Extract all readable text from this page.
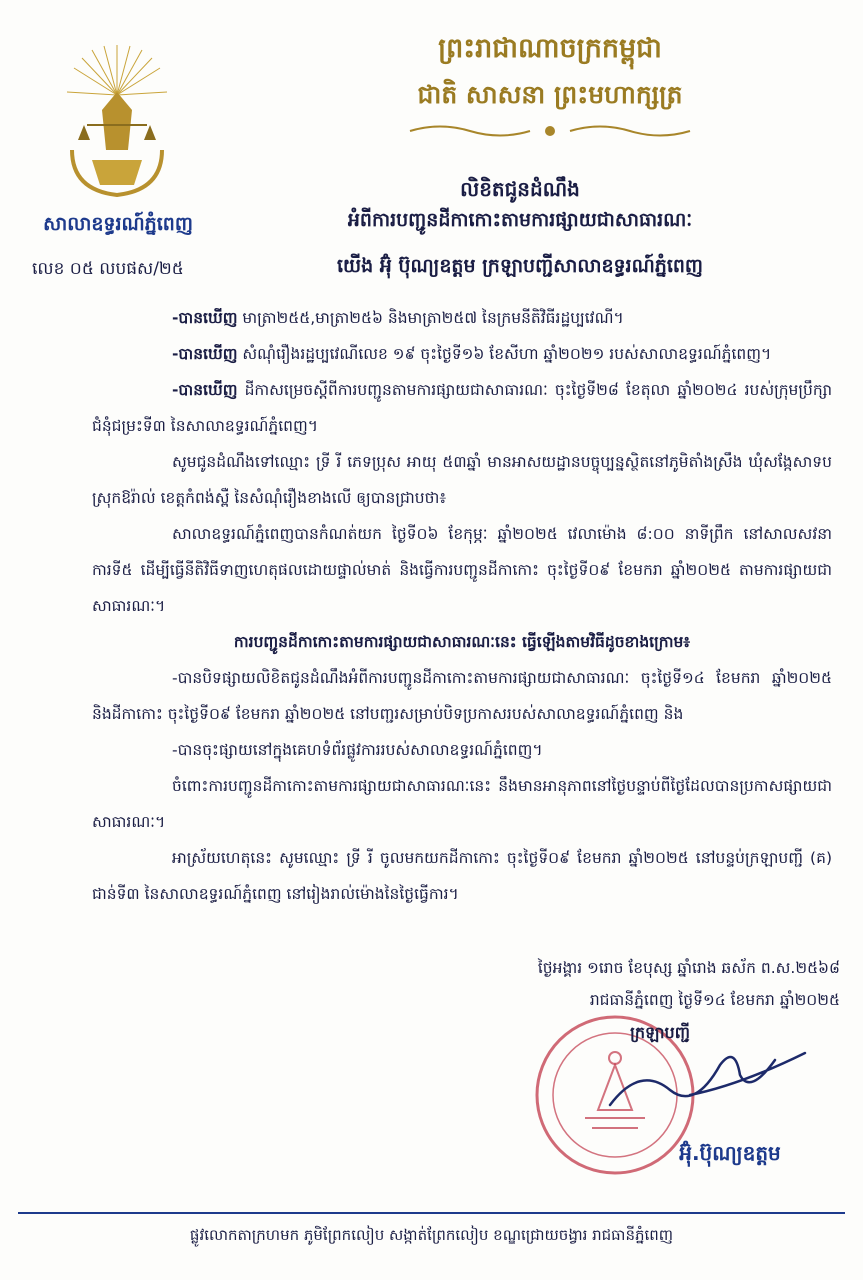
សាលាឧទ្ធរណ៍ភ្នំពេញ
លេខ ០៥ លបផស/២៥
ព្រះរាជាណាចក្រកម្ពុជា
ជាតិ សាសនា ព្រះមហាក្សត្រ
លិខិតជូនដំណឹង
អំពីការបញ្ជូនដីកាកោះតាមការផ្សាយជាសាធារណៈ
យើង អ៊ុំ ប៊ុណ្យឧត្តម ក្រឡាបញ្ជីសាលាឧទ្ធរណ៍ភ្នំពេញ

-បានឃើញ មាត្រា២៥៥,មាត្រា២៥៦ និងមាត្រា២៥៧ នៃក្រមនីតិវិធីរដ្ឋប្បវេណី។

-បានឃើញ សំណុំរឿងរដ្ឋប្បវេណីលេខ ១៩ ចុះថ្ងៃទី១៦ ខែសីហា ឆ្នាំ២០២១ របស់សាលាឧទ្ធរណ៍ភ្នំពេញ។

-បានឃើញ ដីកាសម្រេចស្តីពីការបញ្ជូនតាមការផ្សាយជាសាធារណៈ ចុះថ្ងៃទី២៨ ខែតុលា ឆ្នាំ២០២៤ របស់ក្រុមប្រឹក្សាជំនុំជម្រះទី៣ នៃសាលាឧទ្ធរណ៍ភ្នំពេញ។

សូមជូនដំណឹងទៅឈ្មោះ ទ្រី រី ភេទប្រុស អាយុ ៥៣ឆ្នាំ មានអាសយដ្ឋានបច្ចុប្បន្នស្ថិតនៅភូមិតាំងស្រឹង ឃុំសង្កែសាទប ស្រុកឱរ៉ាល់ ខេត្តកំពង់ស្ពឺ នៃសំណុំរឿងខាងលើ ឲ្យបានជ្រាបថា៖

សាលាឧទ្ធរណ៍ភ្នំពេញបានកំណត់យក ថ្ងៃទី០៦ ខែកុម្ភៈ ឆ្នាំ២០២៥ វេលាម៉ោង ៨:០០ នាទីព្រឹក នៅសាលសវនាការទី៥ ដើម្បីធ្វើនីតិវិធីទាញហេតុផលដោយផ្ទាល់មាត់ និងធ្វើការបញ្ជូនដីកាកោះ ចុះថ្ងៃទី០៩ ខែមករា ឆ្នាំ២០២៥ តាមការផ្សាយជាសាធារណៈ។

ការបញ្ជូនដីកាកោះតាមការផ្សាយជាសាធារណៈនេះ ធ្វើឡើងតាមវិធីដូចខាងក្រោម៖

-បានបិទផ្សាយលិខិតជូនដំណឹងអំពីការបញ្ជូនដីកាកោះតាមការផ្សាយជាសាធារណៈ ចុះថ្ងៃទី១៤ ខែមករា ឆ្នាំ២០២៥ និងដីកាកោះ ចុះថ្ងៃទី០៩ ខែមករា ឆ្នាំ២០២៥ នៅបញ្ជរសម្រាប់បិទប្រកាសរបស់សាលាឧទ្ធរណ៍ភ្នំពេញ និង

-បានចុះផ្សាយនៅក្នុងគេហទំព័រផ្លូវការរបស់សាលាឧទ្ធរណ៍ភ្នំពេញ។

ចំពោះការបញ្ជូនដីកាកោះតាមការផ្សាយជាសាធារណៈនេះ នឹងមានអានុភាពនៅថ្ងៃបន្ទាប់ពីថ្ងៃដែលបានប្រកាសផ្សាយជាសាធារណៈ។

អាស្រ័យហេតុនេះ សូមឈ្មោះ ទ្រី រី ចូលមកយកដីកាកោះ ចុះថ្ងៃទី០៩ ខែមករា ឆ្នាំ២០២៥ នៅបន្ទប់ក្រឡាបញ្ជី (គ) ជាន់ទី៣ នៃសាលាឧទ្ធរណ៍ភ្នំពេញ នៅរៀងរាល់ម៉ោងនៃថ្ងៃធ្វើការ។

ថ្ងៃអង្គារ ១រោច ខែបុស្ស ឆ្នាំរោង ឆស័ក ព.ស.២៥៦៨
រាជធានីភ្នំពេញ ថ្ងៃទី១៤ ខែមករា ឆ្នាំ២០២៥
ក្រឡាបញ្ជី
អ៊ុំ.ប៊ុណ្យឧត្តម
ផ្លូវលោកតាក្រហមក ភូមិព្រែកលៀប សង្កាត់ព្រែកលៀប ខណ្ឌជ្រោយចង្វារ រាជធានីភ្នំពេញ
